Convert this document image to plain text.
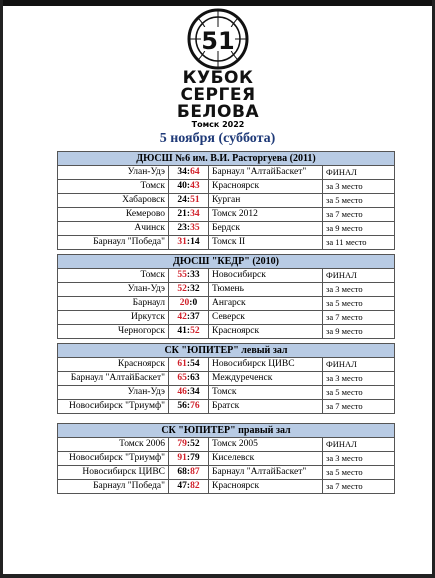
51
КУБОК
СЕРГЕЯ
БЕЛОВА
Томск 2022
5 ноября (суббота)
ДЮСШ №6 им. В.И. Расторгуева (2011)			
Улан-Удэ	34:64	Барнаул "АлтайБаскет"	ФИНАЛ
Томск	40:43	Красноярск	за 3 место
Хабаровск	24:51	Курган	за 5 место
Кемерово	21:34	Томск 2012	за 7 место
Ачинск	23:35	Бердск	за 9 место
Барнаул "Победа"	31:14	Томск II	за 11 место
ДЮСШ "КЕДР" (2010)			
Томск	55:33	Новосибирск	ФИНАЛ
Улан-Удэ	52:32	Тюмень	за 3 место
Барнаул	20:0	Ангарск	за 5 место
Иркутск	42:37	Северск	за 7 место
Черногорск	41:52	Красноярск	за 9 место
СК "ЮПИТЕР" левый зал			
Красноярск	61:54	Новосибирск ЦИВС	ФИНАЛ
Барнаул "АлтайБаскет"	65:63	Междуреченск	за 3 место
Улан-Удэ	46:34	Томск	за 5 место
Новосибирск "Триумф"	56:76	Братск	за 7 место
СК "ЮПИТЕР" правый зал			
Томск 2006	79:52	Томск 2005	ФИНАЛ
Новосибирск "Триумф"	91:79	Киселевск	за 3 место
Новосибирск ЦИВС	68:87	Барнаул "АлтайБаскет"	за 5 место
Барнаул "Победа"	47:82	Красноярск	за 7 место
